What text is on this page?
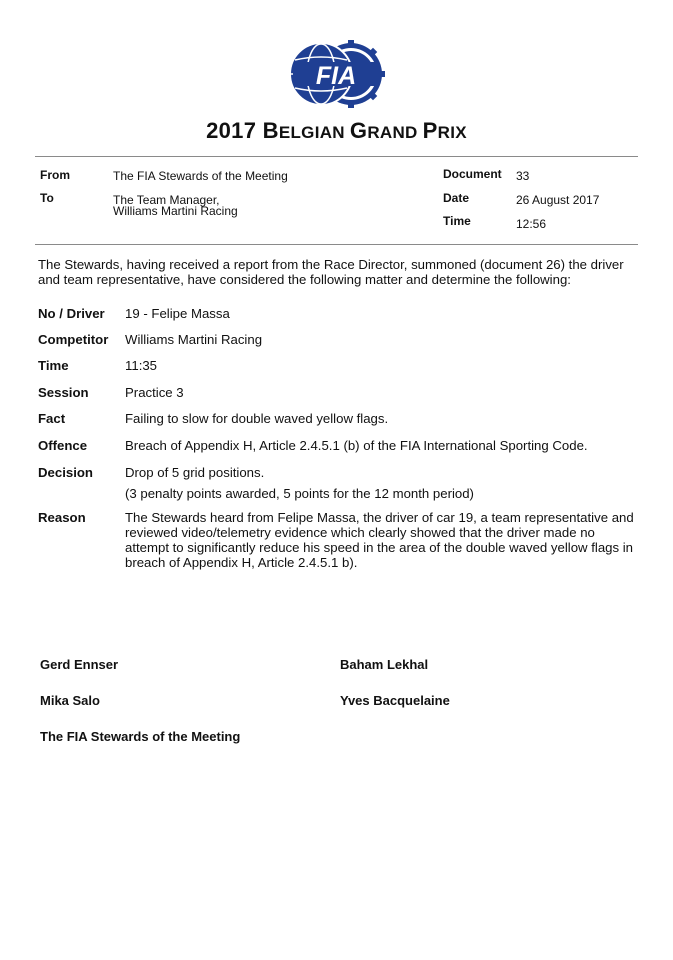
FIA
2017 BELGIAN GRAND PRIX
From	The FIA Stewards of the Meeting
To	The Team Manager,
Williams Martini Racing
Document 33
Date	26 August 2017
Time	12:56
The Stewards, having received a report from the Race Director, summoned (document 26) the driver and team representative, have considered the following matter and determine the following:
No / Driver	19 - Felipe Massa
Competitor	Williams Martini Racing
Time	11:35
Session	Practice 3
Fact	Failing to slow for double waved yellow flags.
Offence	Breach of Appendix H, Article 2.4.5.1 (b) of the FIA International Sporting Code.
Decision	Drop of 5 grid positions.
(3 penalty points awarded, 5 points for the 12 month period)
Reason	The Stewards heard from Felipe Massa, the driver of car 19, a team representative and reviewed video/telemetry evidence which clearly showed that the driver made no attempt to significantly reduce his speed in the area of the double waved yellow flags in breach of Appendix H, Article 2.4.5.1 b).
Gerd Ennser	Baham Lekhal
Mika Salo	Yves Bacquelaine
The FIA Stewards of the Meeting
